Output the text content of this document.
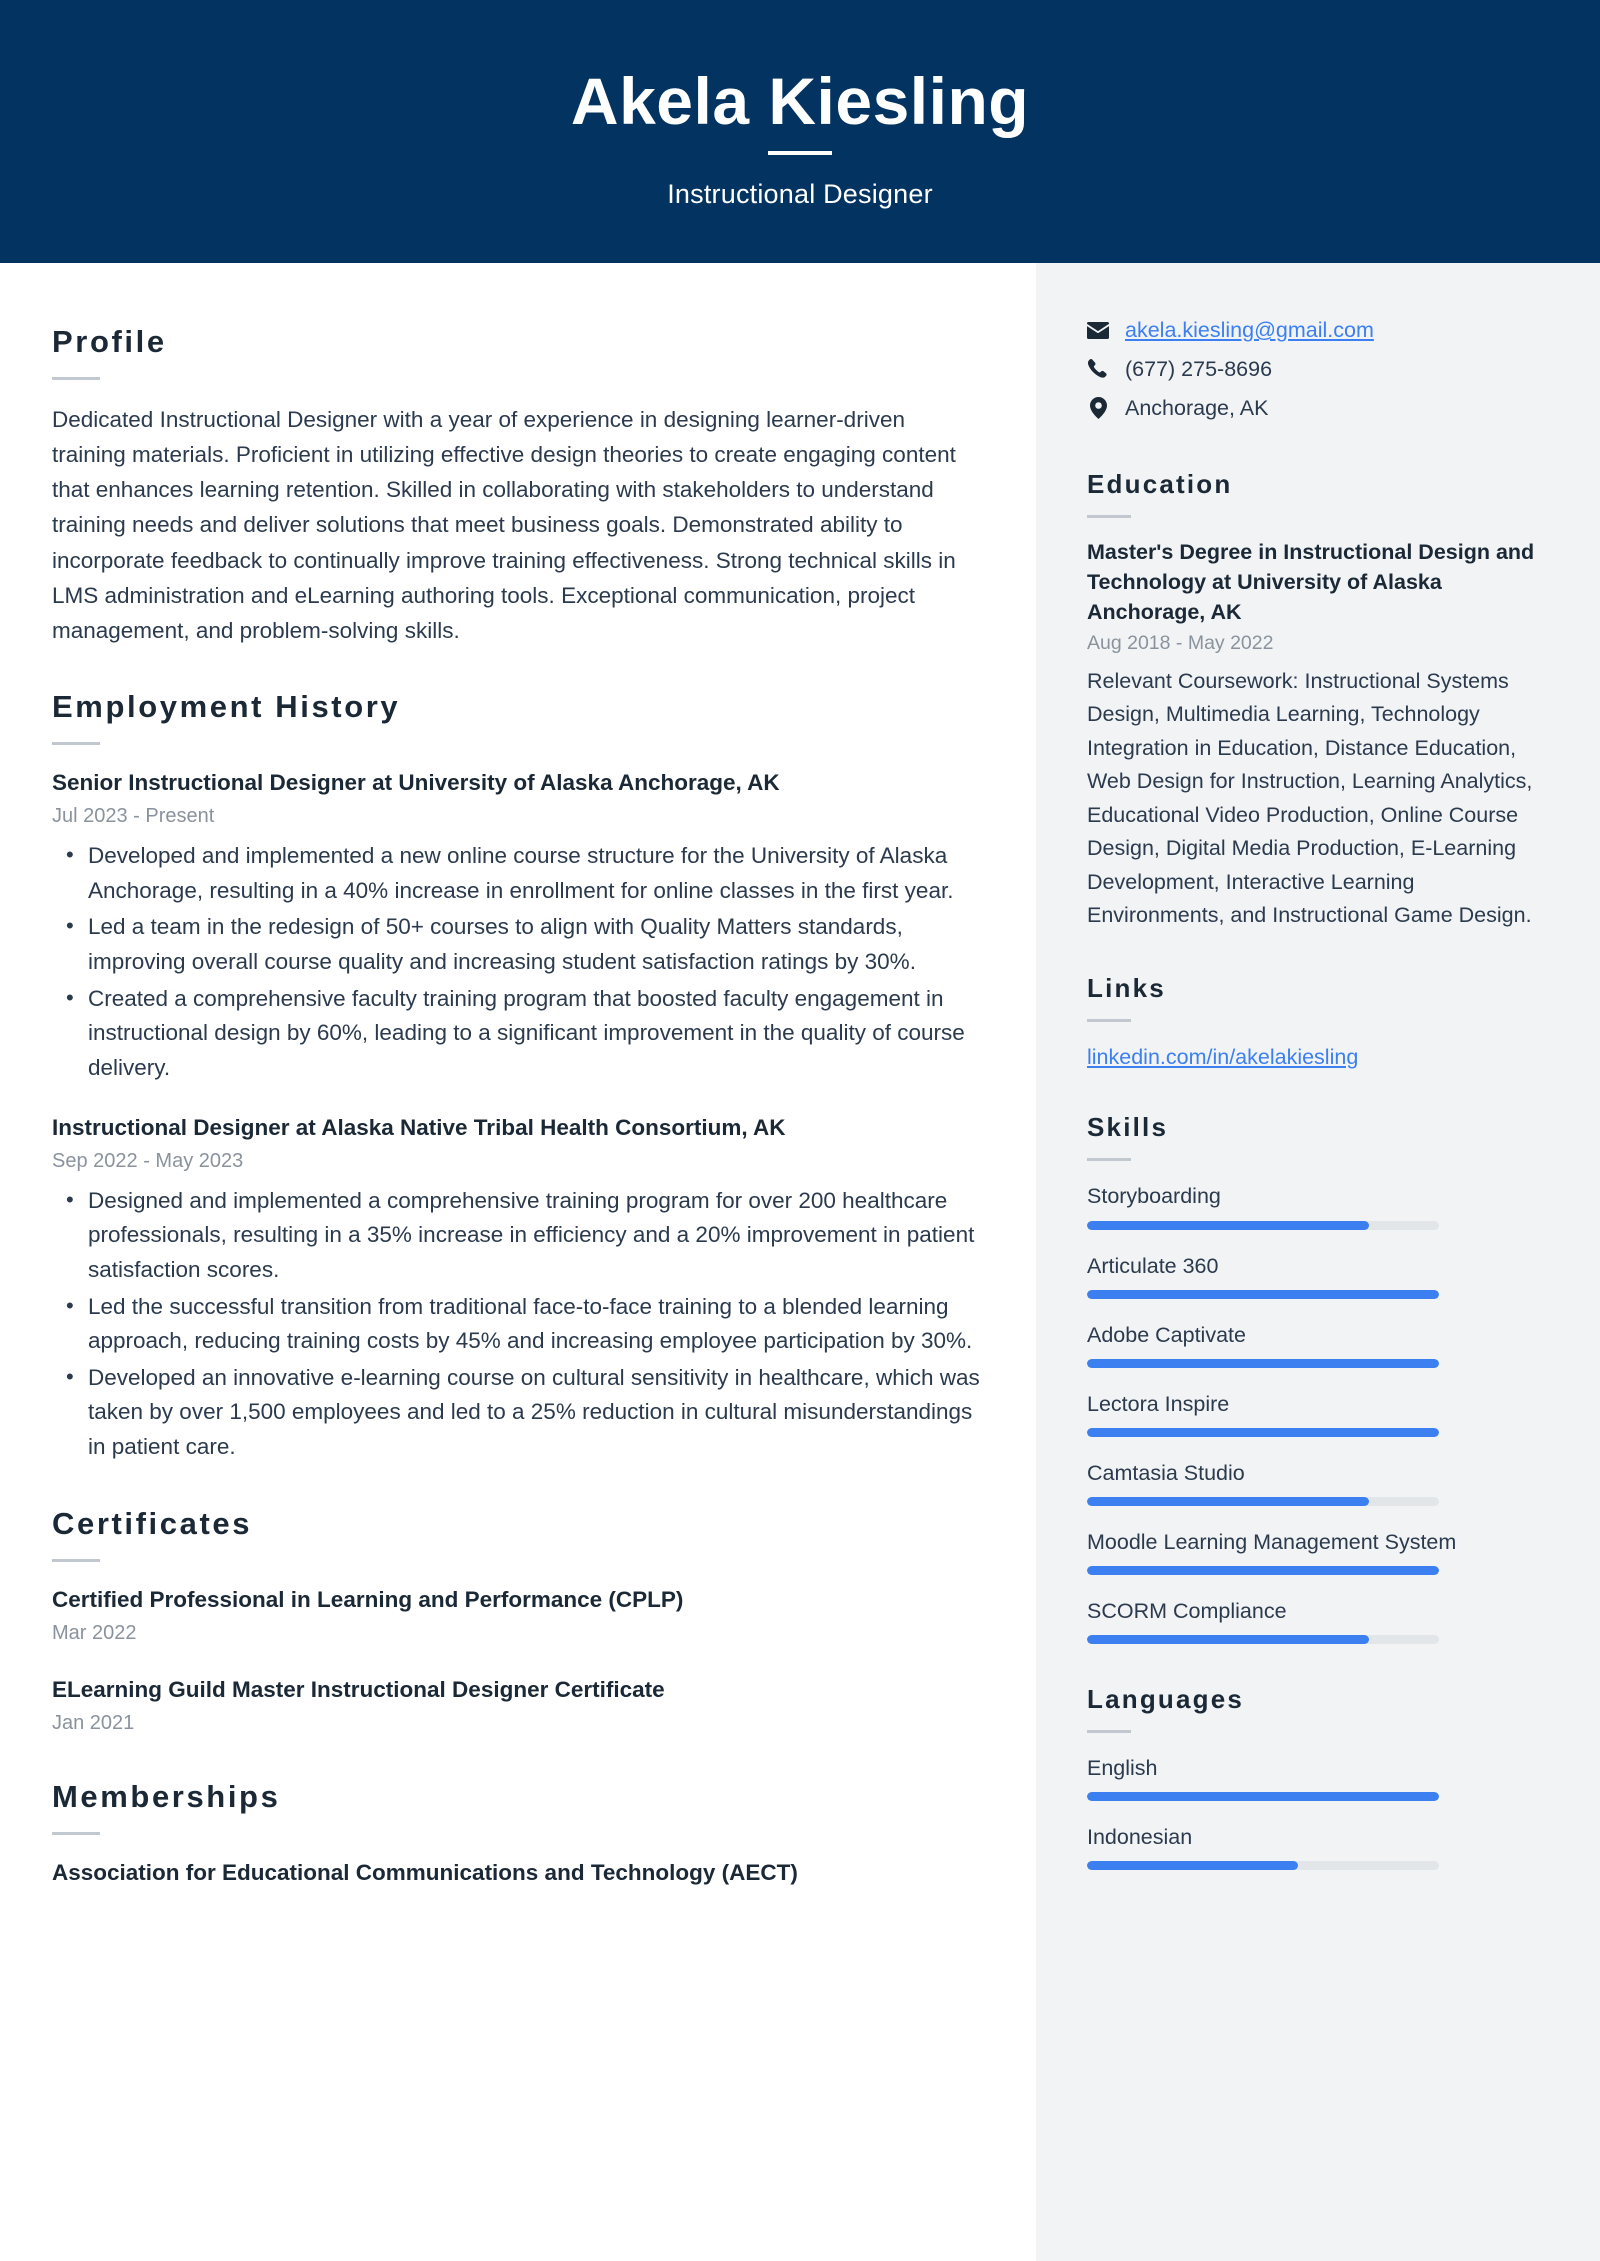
Akela Kiesling
Instructional Designer
Profile
Dedicated Instructional Designer with a year of experience in designing learner-driven training materials. Proficient in utilizing effective design theories to create engaging content that enhances learning retention. Skilled in collaborating with stakeholders to understand training needs and deliver solutions that meet business goals. Demonstrated ability to incorporate feedback to continually improve training effectiveness. Strong technical skills in LMS administration and eLearning authoring tools. Exceptional communication, project management, and problem-solving skills.
Employment History
Senior Instructional Designer at University of Alaska Anchorage, AK
Jul 2023 - Present
• Developed and implemented a new online course structure for the University of Alaska Anchorage, resulting in a 40% increase in enrollment for online classes in the first year.
• Led a team in the redesign of 50+ courses to align with Quality Matters standards, improving overall course quality and increasing student satisfaction ratings by 30%.
• Created a comprehensive faculty training program that boosted faculty engagement in instructional design by 60%, leading to a significant improvement in the quality of course delivery.
Instructional Designer at Alaska Native Tribal Health Consortium, AK
Sep 2022 - May 2023
• Designed and implemented a comprehensive training program for over 200 healthcare professionals, resulting in a 35% increase in efficiency and a 20% improvement in patient satisfaction scores.
• Led the successful transition from traditional face-to-face training to a blended learning approach, reducing training costs by 45% and increasing employee participation by 30%.
• Developed an innovative e-learning course on cultural sensitivity in healthcare, which was taken by over 1,500 employees and led to a 25% reduction in cultural misunderstandings in patient care.
Certificates
Certified Professional in Learning and Performance (CPLP)
Mar 2022
ELearning Guild Master Instructional Designer Certificate
Jan 2021
Memberships
Association for Educational Communications and Technology (AECT)
akela.kiesling@gmail.com
(677) 275-8696
Anchorage, AK
Education
Master's Degree in Instructional Design and Technology at University of Alaska Anchorage, AK
Aug 2018 - May 2022
Relevant Coursework: Instructional Systems Design, Multimedia Learning, Technology Integration in Education, Distance Education, Web Design for Instruction, Learning Analytics, Educational Video Production, Online Course Design, Digital Media Production, E-Learning Development, Interactive Learning Environments, and Instructional Game Design.
Links
linkedin.com/in/akelakiesling
Skills
Storyboarding
Articulate 360
Adobe Captivate
Lectora Inspire
Camtasia Studio
Moodle Learning Management System
SCORM Compliance
Languages
English
Indonesian
